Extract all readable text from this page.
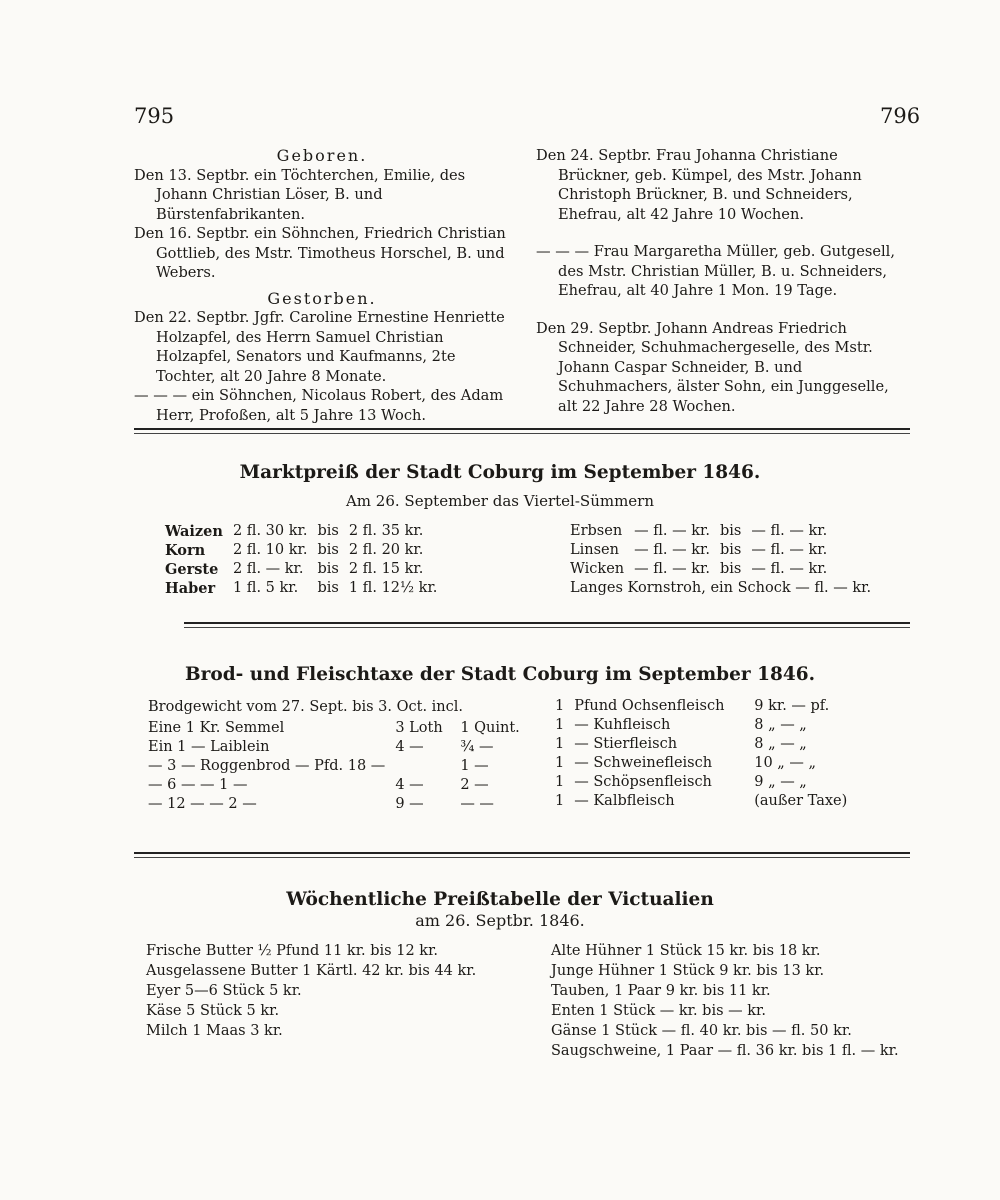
795	796

Geboren.

Den 13. Septbr. ein Töchterchen, Emilie, des Johann Christian Löser, B. und Bürstenfabrikanten.

Den 16. Septbr. ein Söhnchen, Friedrich Christian Gottlieb, des Mstr. Timotheus Horschel, B. und Webers.

Gestorben.

Den 22. Septbr. Jgfr. Caroline Ernestine Henriette Holzapfel, des Herrn Samuel Christian Holzapfel, Senators und Kaufmanns, 2te Tochter, alt 20 Jahre 8 Monate.

— — — ein Söhnchen, Nicolaus Robert, des Adam Herr, Profoßen, alt 5 Jahre 13 Woch.

Den 24. Septbr. Frau Johanna Christiane Brückner, geb. Kümpel, des Mstr. Johann Christoph Brückner, B. und Schneiders, Ehefrau, alt 42 Jahre 10 Wochen.

— — — Frau Margaretha Müller, geb. Gutgesell, des Mstr. Christian Müller, B. u. Schneiders, Ehefrau, alt 40 Jahre 1 Mon. 19 Tage.

Den 29. Septbr. Johann Andreas Friedrich Schneider, Schuhmachergeselle, des Mstr. Johann Caspar Schneider, B. und Schuhmachers, älster Sohn, ein Junggeselle, alt 22 Jahre 28 Wochen.

Marktpreiß der Stadt Coburg im September 1846.
Am 26. September das Viertel-Sümmern
Waizen	2 fl. 30 kr.	bis	2 fl. 35 kr.
Korn	2 fl. 10 kr.	bis	2 fl. 20 kr.
Gerste	2 fl. — kr.	bis	2 fl. 15 kr.
Haber	1 fl. 5 kr.	bis	1 fl. 12½ kr.
Erbsen	— fl. — kr.	bis	— fl. — kr.
Linsen	— fl. — kr.	bis	— fl. — kr.
Wicken	— fl. — kr.	bis	— fl. — kr.
Langes Kornstroh, ein Schock — fl. — kr.
Brod- und Fleischtaxe der Stadt Coburg im September 1846.
Brodgewicht vom 27. Sept. bis 3. Oct. incl.
Eine 1 Kr. Semmel	3 Loth	1 Quint.
Ein 1 — Laiblein	4 —	¾ —
— 3 — Roggenbrod — Pfd. 18 —		1 —
— 6 — — 1 —	4 —	2 —
— 12 — — 2 —	9 —	— —
1	Pfund Ochsenfleisch	9 kr. — pf.
1	— Kuhfleisch	8 „ — „
1	— Stierfleisch	8 „ — „
1	— Schweinefleisch	10 „ — „
1	— Schöpsenfleisch	9 „ — „
1	— Kalbfleisch	(außer Taxe)
Wöchentliche Preißtabelle der Victualien
am 26. Septbr. 1846.
Frische Butter ½ Pfund 11 kr. bis 12 kr.
Ausgelassene Butter 1 Kärtl. 42 kr. bis 44 kr.
Eyer 5—6 Stück 5 kr.
Käse 5 Stück 5 kr.
Milch 1 Maas 3 kr.
Alte Hühner 1 Stück 15 kr. bis 18 kr.
Junge Hühner 1 Stück 9 kr. bis 13 kr.
Tauben, 1 Paar 9 kr. bis 11 kr.
Enten 1 Stück — kr. bis — kr.
Gänse 1 Stück — fl. 40 kr. bis — fl. 50 kr.
Saugschweine, 1 Paar — fl. 36 kr. bis 1 fl. — kr.
